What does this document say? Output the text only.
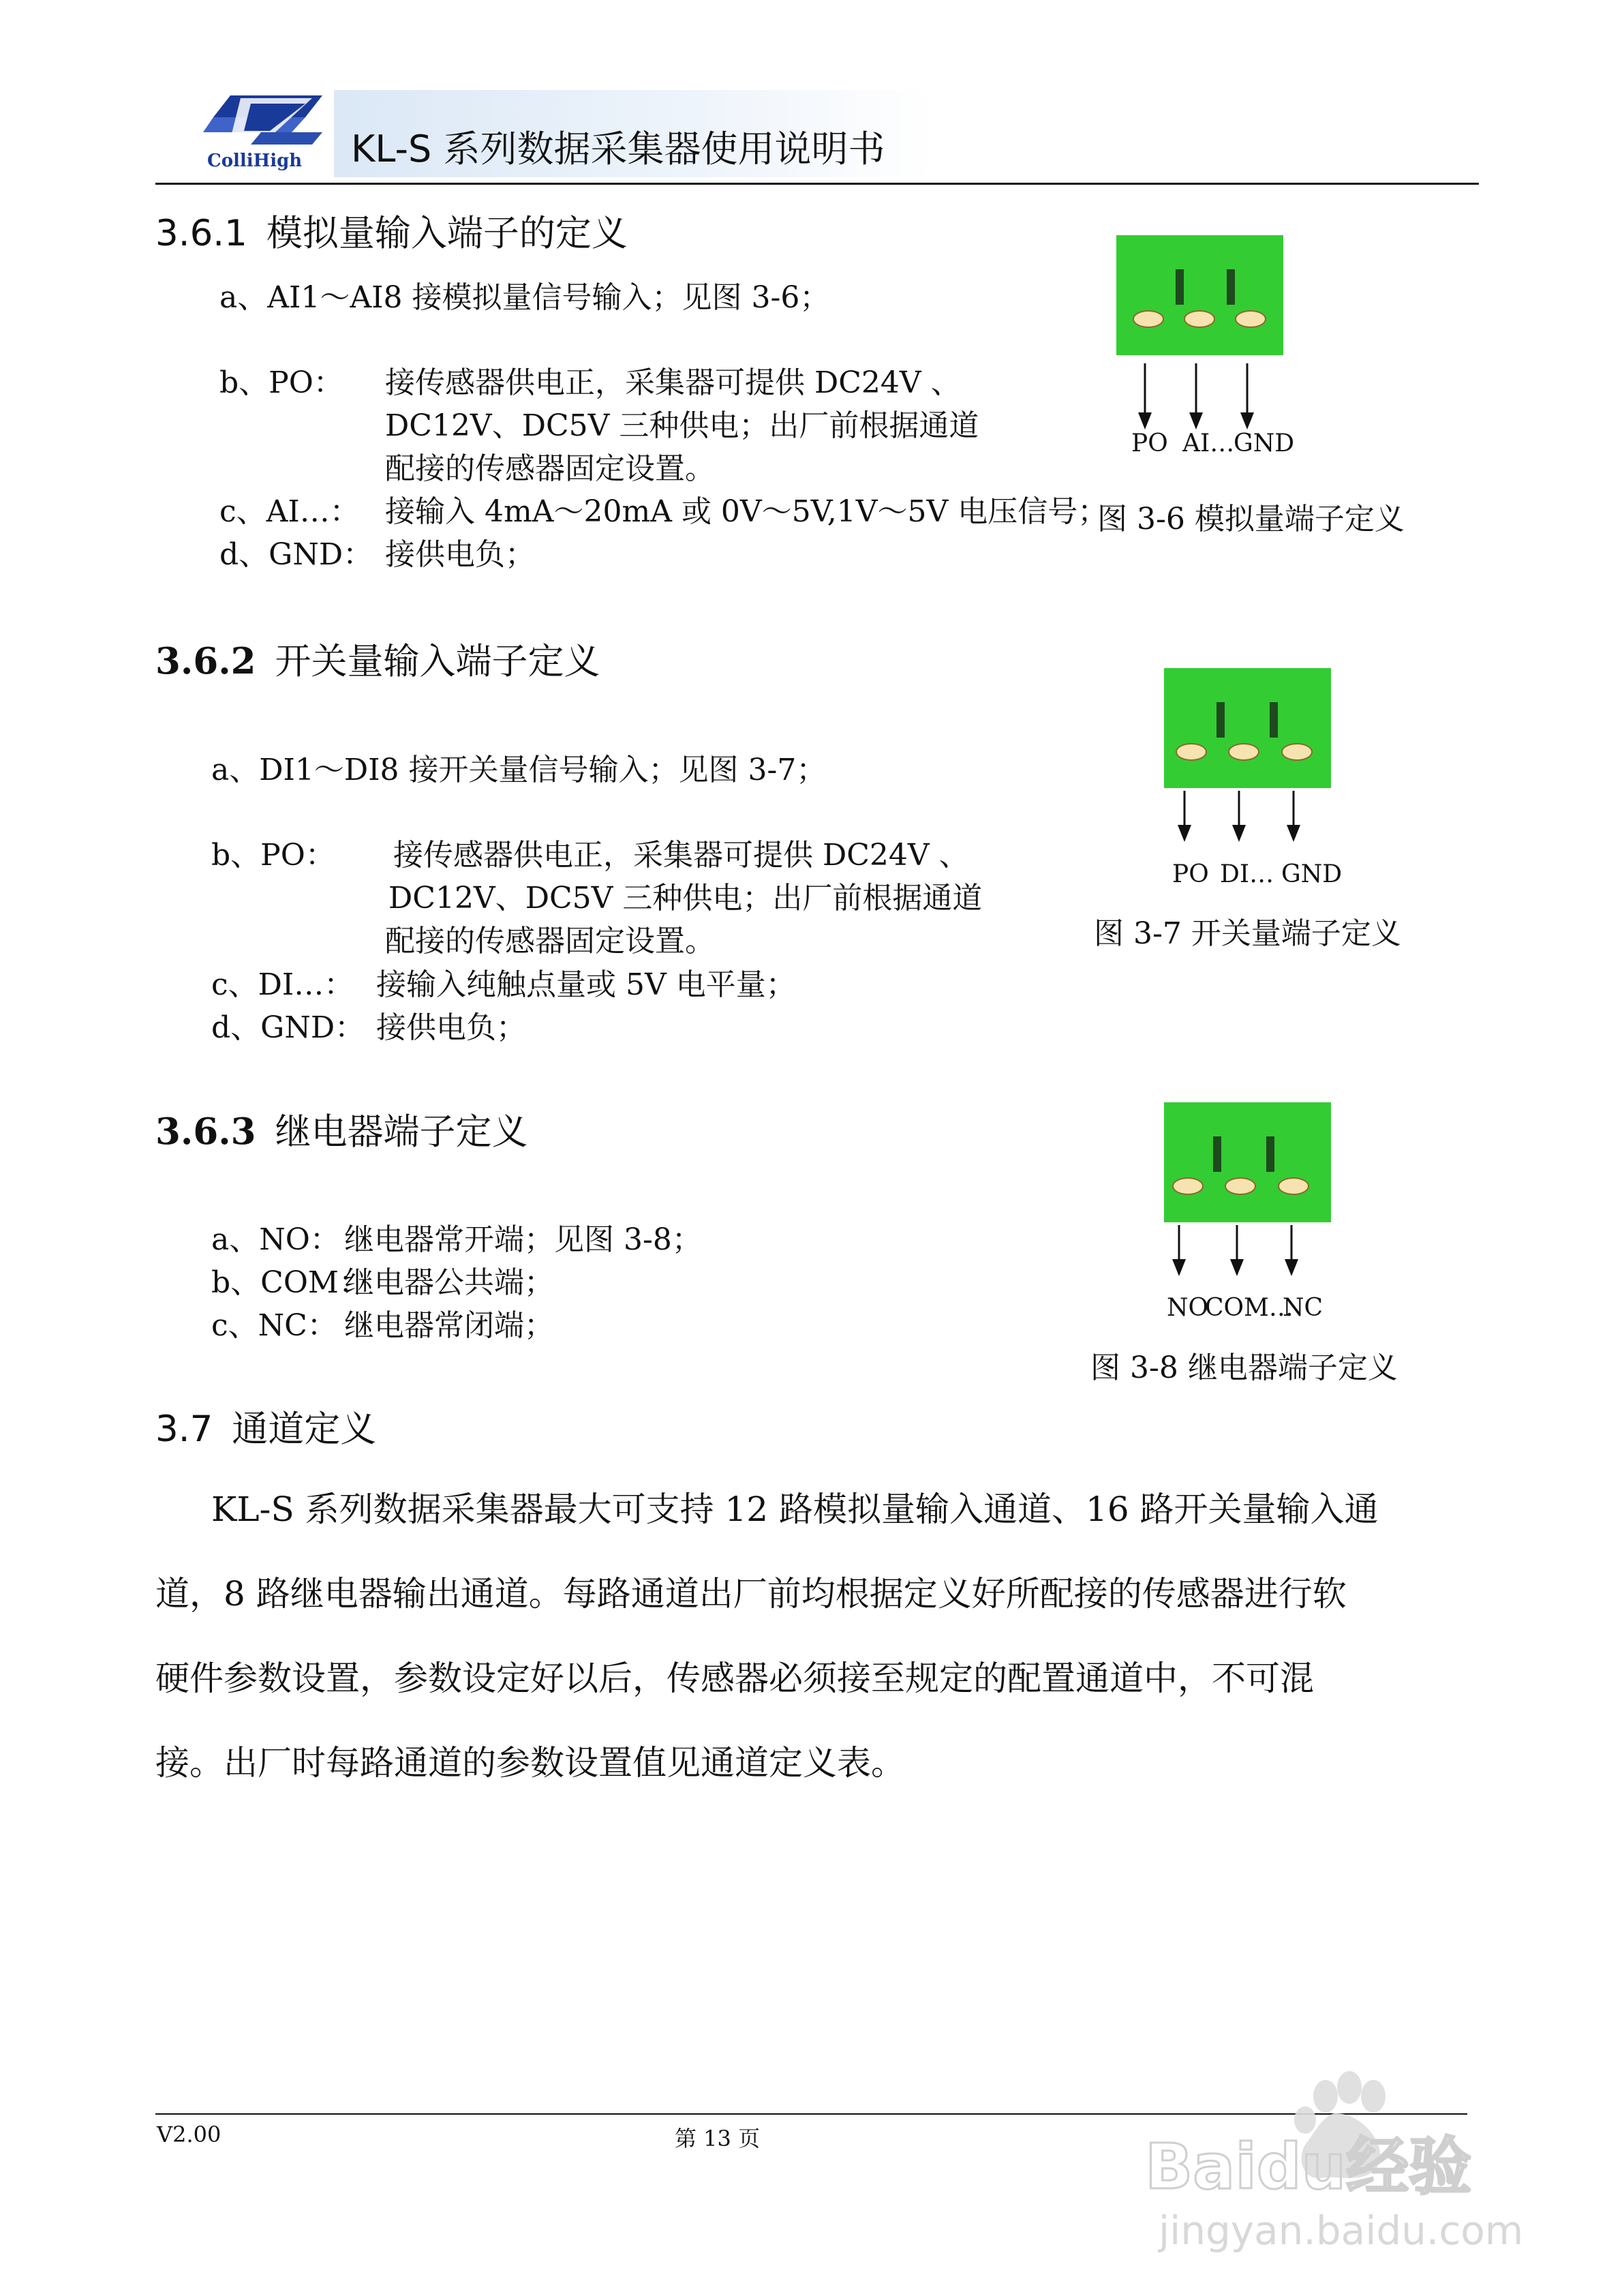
ColliHigh KL-S 系列数据采集器使用说明书
3.6.1 模拟量输入端子的定义
a、AI1～AI8 接模拟量信号输入；见图 3-6；
b、PO： 接传感器供电正，采集器可提供 DC24V 、
DC12V、DC5V 三种供电；出厂前根据通道
配接的传感器固定设置。
c、AI…： 接输入 4mA～20mA 或 0V～5V,1V～5V 电压信号；
d、GND： 接供电负；
PO AI…
GND
图 3-6 模拟量端子定义
3.6.2 开关量输入端子定义
a、DI1～DI8 接开关量信号输入；见图 3-7；
b、PO： 接传感器供电正，采集器可提供 DC24V 、
DC12V、DC5V 三种供电；出厂前根据通道
配接的传感器固定设置。
c、DI…： 接输入纯触点量或 5V 电平量；
d、GND： 接供电负；
PO DI… GND
图 3-7 开关量端子定义
3.6.3 继电器端子定义
a、NO： 继电器常开端；见图 3-8；
b、COM：
继电器公共端；
c、NC： 继电器常闭端；
NO
COM…
NC
图 3-8 继电器端子定义
3.7 通道定义
KL-S 系列数据采集器最大可支持 12 路模拟量输入通道、16 路开关量输入通
道，8 路继电器输出通道。每路通道出厂前均根据定义好所配接的传感器进行软
硬件参数设置，参数设定好以后，传感器必须接至规定的配置通道中，不可混
接。出厂时每路通道的参数设置值见通道定义表。
V2.00	第 13 页	Baidu经验
jingyan.baidu.com
